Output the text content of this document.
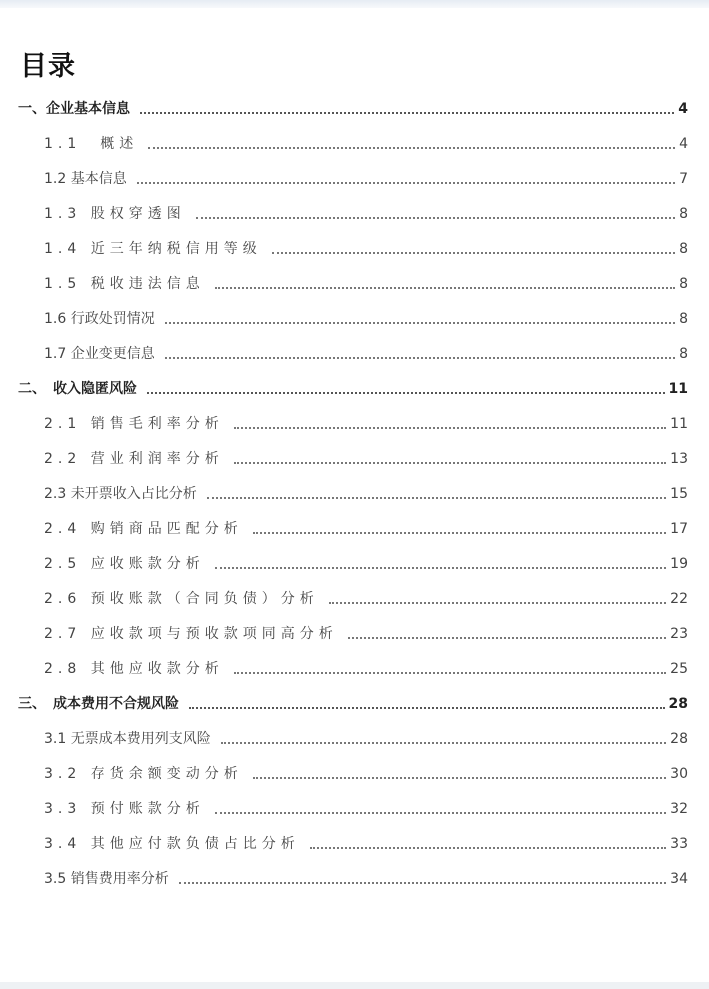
目录
一、企业基本信息	4
1.1　概述	4
1.2 基本信息	7
1.3 股权穿透图	8
1.4 近三年纳税信用等级	8
1.5 税收违法信息	8
1.6 行政处罚情况	8
1.7 企业变更信息	8
二、　收入隐匿风险	11
2.1 销售毛利率分析	11
2.2 营业利润率分析	13
2.3 未开票收入占比分析	15
2.4 购销商品匹配分析	17
2.5 应收账款分析	19
2.6 预收账款（合同负债）分析	22
2.7 应收款项与预收款项同高分析	23
2.8 其他应收款分析	25
三、　成本费用不合规风险	28
3.1 无票成本费用列支风险	28
3.2 存货余额变动分析	30
3.3 预付账款分析	32
3.4 其他应付款负债占比分析	33
3.5 销售费用率分析	34
